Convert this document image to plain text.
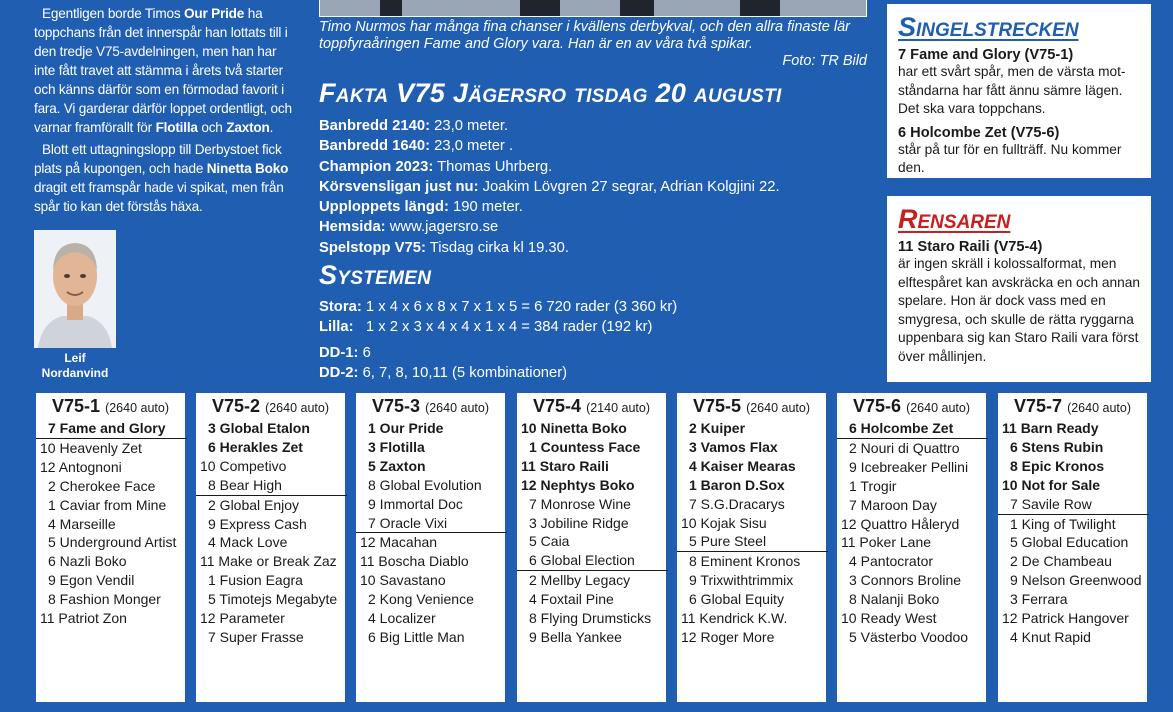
Egentligen borde Timos Our Pride ha toppchans från det innerspår han lottats till i den tredje V75-avdelningen, men han har inte fått travet att stämma i årets två starter och känns därför som en förmodad favorit i fara. Vi garderar därför loppet ordentligt, och varnar framförallt för Flotilla och Zaxton.

Blott ett uttagningslopp till Derbystoet fick plats på kupongen, och hade Ninetta Boko dragit ett framspår hade vi spikat, men från spår tio kan det förstås häxa.

Leif
Nordanvind
Timo Nurmos har många fina chanser i kvällens derbykval, och den allra finaste lär toppfyraåringen Fame and Glory vara. Han är en av våra två spikar.
Foto: TR Bild
Fakta V75 Jägersro tisdag 20 augusti
Banbredd 2140: 23,0 meter.
Banbredd 1640: 23,0 meter .
Champion 2023: Thomas Uhrberg.
Körsvensligan just nu: Joakim Lövgren 27 segrar, Adrian Kolgjini 22.
Upploppets längd: 190 meter.
Hemsida: www.jagersro.se
Spelstopp V75: Tisdag cirka kl 19.30.
Systemen
Stora: 1 x 4 x 6 x 8 x 7 x 1 x 5 = 6 720 rader (3 360 kr)
Lilla:   1 x 2 x 3 x 4 x 4 x 1 x 4 = 384 rader (192 kr)
DD-1: 6
DD-2: 6, 7, 8, 10,11 (5 kombinationer)
Singelstrecken
7 Fame and Glory (V75-1)
har ett svårt spår, men de värsta mot-ståndarna har fått ännu sämre lägen. Det ska vara toppchans.
6 Holcombe Zet (V75-6)
står på tur för en fullträff. Nu kommer den.
Rensaren
11 Staro Raili (V75-4)
är ingen skräll i kolossalformat, men elftespåret kan avskräcka en och annan spelare. Hon är dock vass med en smygresa, och skulle de rätta ryggarna uppenbara sig kan Staro Raili vara först över mållinjen.
V75-1 (2640 auto)
7 Fame and Glory
10 Heavenly Zet
12 Antognoni
2 Cherokee Face
1 Caviar from Mine
4 Marseille
5 Underground Artist
6 Nazli Boko
9 Egon Vendil
8 Fashion Monger
11 Patriot Zon
V75-2 (2640 auto)
3 Global Etalon
6 Herakles Zet
10 Competivo
8 Bear High
2 Global Enjoy
9 Express Cash
4 Mack Love
11 Make or Break Zaz
1 Fusion Eagra
5 Timotejs Megabyte
12 Parameter
7 Super Frasse
V75-3 (2640 auto)
1 Our Pride
3 Flotilla
5 Zaxton
8 Global Evolution
9 Immortal Doc
7 Oracle Vixi
12 Macahan
11 Boscha Diablo
10 Savastano
2 Kong Venience
4 Localizer
6 Big Little Man
V75-4 (2140 auto)
10 Ninetta Boko
1 Countess Face
11 Staro Raili
12 Nephtys Boko
7 Monrose Wine
3 Jobiline Ridge
5 Caia
6 Global Election
2 Mellby Legacy
4 Foxtail Pine
8 Flying Drumsticks
9 Bella Yankee
V75-5 (2640 auto)
2 Kuiper
3 Vamos Flax
4 Kaiser Mearas
1 Baron D.Sox
7 S.G.Dracarys
10 Kojak Sisu
5 Pure Steel
8 Eminent Kronos
9 Trixwithtrimmix
6 Global Equity
11 Kendrick K.W.
12 Roger More
V75-6 (2640 auto)
6 Holcombe Zet
2 Nouri di Quattro
9 Icebreaker Pellini
1 Trogir
7 Maroon Day
12 Quattro Håleryd
11 Poker Lane
4 Pantocrator
3 Connors Broline
8 Nalanji Boko
10 Ready West
5 Västerbo Voodoo
V75-7 (2640 auto)
11 Barn Ready
6 Stens Rubin
8 Epic Kronos
10 Not for Sale
7 Savile Row
1 King of Twilight
5 Global Education
2 De Chambeau
9 Nelson Greenwood
3 Ferrara
12 Patrick Hangover
4 Knut Rapid
